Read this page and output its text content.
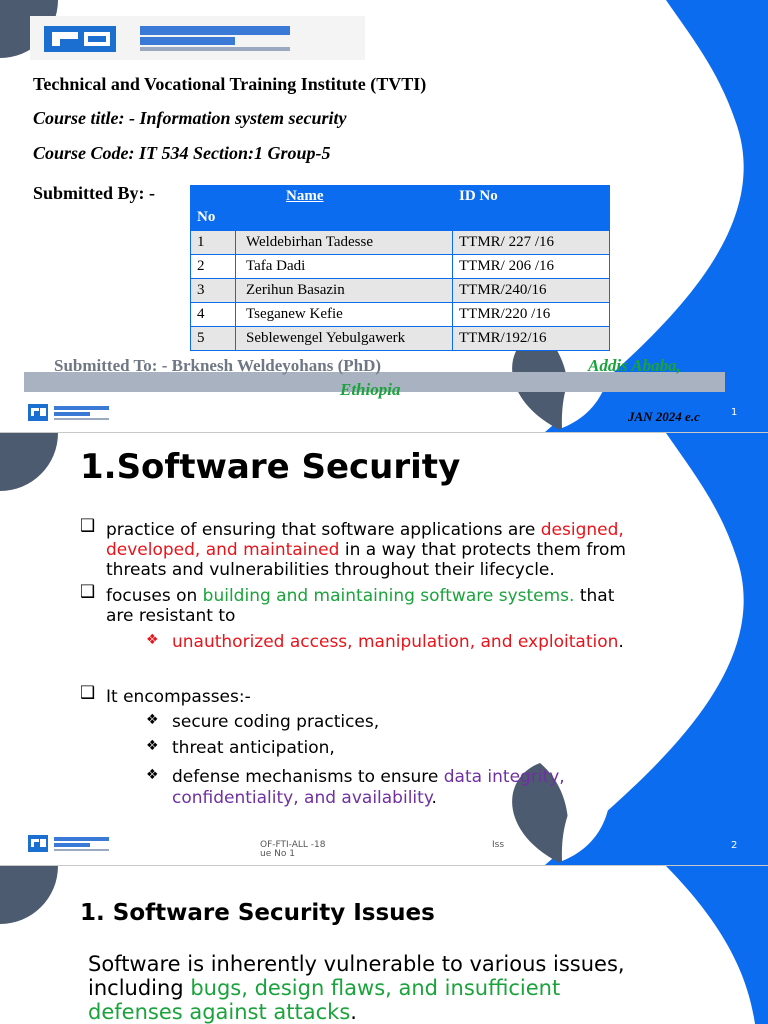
Technical and Vocational Training Institute (TVTI)
Course title: - Information system security
Course Code: IT 534 Section:1 Group-5
Submitted By: -
No	Name	ID No
1	Weldebirhan Tadesse	TTMR/ 227 /16
2	Tafa Dadi	TTMR/ 206 /16
3	Zerihun Basazin	TTMR/240/16
4	Tseganew Kefie	TTMR/220 /16
5	Seblewengel Yebulgawerk	TTMR/192/16
Submitted To: - Brknesh Weldeyohans (PhD)	Addis Ababa,
Ethiopia
JAN 2024 e.c	1
1.Software Security
❑ practice of ensuring that software applications are designed,
developed, and maintained in a way that protects them from
threats and vulnerabilities throughout their lifecycle.
❑ focuses on building and maintaining software systems. that
are resistant to
❖ unauthorized access, manipulation, and exploitation.
❑ It encompasses:-
❖ secure coding practices,
❖ threat anticipation,
❖ defense mechanisms to ensure data integrity,
confidentiality, and availability.
OF-FTI-ALL -18
ue No 1
Iss	2
1. Software Security Issues
Software is inherently vulnerable to various issues,
including bugs, design flaws, and insufficient
defenses against attacks.
